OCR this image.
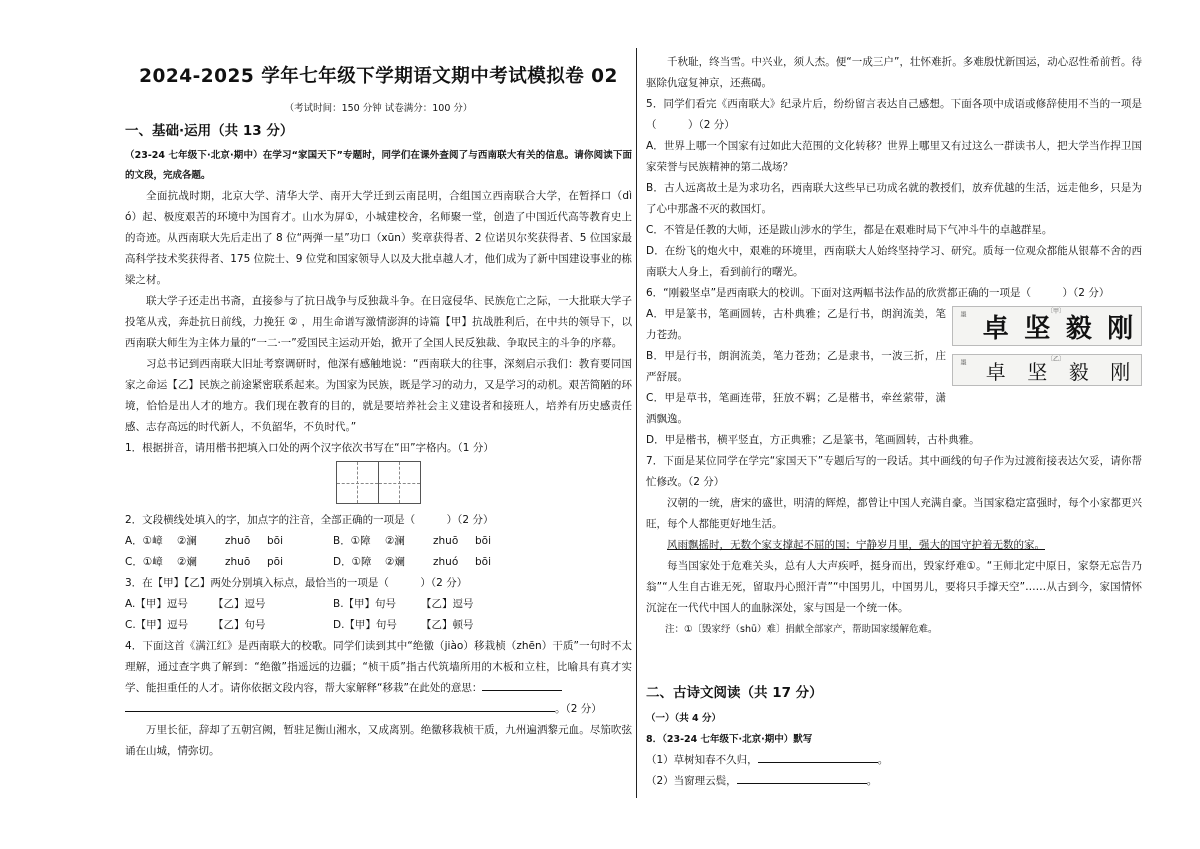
2024-2025 学年七年级下学期语文期中考试模拟卷 02
（考试时间：150 分钟 试卷满分：100 分）
一、基础·运用（共 13 分）

（23-24 七年级下·北京·期中）在学习“家国天下”专题时，同学们在课外查阅了与西南联大有关的信息。请你阅读下面的文段，完成各题。

全面抗战时期，北京大学、清华大学、南开大学迁到云南昆明，合组国立西南联合大学，在暂择口（dì ó）起、极度艰苦的环境中为国育才。山水为屏①，小城建校舍，名师聚一堂，创造了中国近代高等教育史上的奇迹。从西南联大先后走出了 8 位“两弹一星”功口（xūn）奖章获得者、2 位诺贝尔奖获得者、5 位国家最高科学技术奖获得者、175 位院士、9 位党和国家领导人以及大批卓越人才，他们成为了新中国建设事业的栋梁之材。

联大学子还走出书斋，直接参与了抗日战争与反独裁斗争。在日寇侵华、民族危亡之际，一大批联大学子投笔从戎，奔赴抗日前线，力挽狂 ② ，用生命谱写激情澎湃的诗篇【甲】抗战胜利后，在中共的领导下，以西南联大师生为主体力量的“一二·一”爱国民主运动开始，掀开了全国人民反独裁、争取民主的斗争的序幕。

习总书记到西南联大旧址考察调研时，他深有感触地说：“西南联大的往事，深刻启示我们：教育要同国家之命运【乙】民族之前途紧密联系起来。为国家为民族，既是学习的动力，又是学习的动机。艰苦简陋的环境，恰恰是出人才的地方。我们现在教育的目的，就是要培养社会主义建设者和接班人，培养有历史感责任感、志存高远的时代新人，不负韶华，不负时代。”

1．根据拼音，请用楷书把填入口处的两个汉字依次书写在“田”字格内。（1 分）

2．文段横线处填入的字，加点字的注音，全部正确的一项是（　　　）（2 分）

A．①嶂	②澜	zhuō	bōi	B．①障	②澜	zhuō	bōi
C．①嶂	②斓	zhuō	pōi	D．①障	②斓	zhuó	bōi

3．在【甲】【乙】两处分别填入标点，最恰当的一项是（　　　）（2 分）

A.【甲】逗号	【乙】逗号	B.【甲】句号	【乙】逗号
C.【甲】逗号	【乙】句号	D.【甲】句号	【乙】顿号

4．下面这首《满江红》是西南联大的校歌。同学们读到其中“绝徼（jiào）移栽桢（zhēn）干质”一句时不太理解，通过查字典了解到：“绝徼”指遥远的边疆；“桢干质”指古代筑墙所用的木板和立柱，比喻具有真才实学、能担重任的人才。请你依据文段内容，帮大家解释“移栽”在此处的意思：
。（2 分）

万里长征，辞却了五朝宫阙，暂驻足衡山湘水，又成离别。绝徼移栽桢干质，九州遍洒黎元血。尽笳吹弦诵在山城，情弥切。

千秋耻，终当雪。中兴业，须人杰。便“一成三户”，壮怀难折。多难殷忧新国运，动心忍性希前哲。待驱除仇寇复神京，还燕碣。

5．同学们看完《西南联大》纪录片后，纷纷留言表达自己感想。下面各项中成语或修辞使用不当的一项是（　　　）（2 分）

A．世界上哪一个国家有过如此大范围的文化转移？世界上哪里又有过这么一群读书人，把大学当作捍卫国家荣誉与民族精神的第二战场？

B．古人远离故土是为求功名，西南联大这些早已功成名就的教授们，放弃优越的生活，远走他乡，只是为了心中那盏不灭的救国灯。

C．不管是任教的大师，还是跋山涉水的学生，都是在艰难时局下气冲斗牛的卓越群星。

D．在纷飞的炮火中，艰难的环境里，西南联大人始终坚持学习、研究。质每一位观众都能从银幕不舍的西南联大人身上，看到前行的曙光。

6．“刚毅坚卓”是西南联大的校训。下面对这两幅书法作品的欣赏都正确的一项是（　　　）（2 分）

〔甲〕
墨 卓 坚 毅 刚
〔乙〕
墨 卓 坚 毅 刚

A．甲是篆书，笔画圆转，古朴典雅；乙是行书，朗润流美，笔力苍劲。

B．甲是行书，朗润流美，笔力苍劲；乙是隶书，一波三折，庄严舒展。

C．甲是草书，笔画连带，狂放不羁；乙是楷书，牵丝萦带，潇洒飘逸。

D．甲是楷书，横平竖直，方正典雅；乙是篆书，笔画圆转，古朴典雅。

7．下面是某位同学在学完“家国天下”专题后写的一段话。其中画线的句子作为过渡衔接表达欠妥，请你帮忙修改。（2 分）

汉朝的一统，唐宋的盛世，明清的辉煌，都曾让中国人充满自豪。当国家稳定富强时，每个小家都更兴旺，每个人都能更好地生活。

风雨飘摇时，无数个家支撑起不屈的国；宁静岁月里，强大的国守护着无数的家。

每当国家处于危难关头，总有人大声疾呼，挺身而出，毁家纾难①。“王师北定中原日，家祭无忘告乃翁”“人生自古谁无死，留取丹心照汗青”“中国男儿，中国男儿，要将只手撑天空”……从古到今，家国情怀沉淀在一代代中国人的血脉深处，家与国是一个统一体。

注：①〔毁家纾（shū）难〕捐献全部家产，帮助国家缓解危难。

二、古诗文阅读（共 17 分）

（一）（共 4 分）

8．（23-24 七年级下·北京·期中）默写

（1）草树知春不久归，	。

（2）当窗理云鬓，	。
